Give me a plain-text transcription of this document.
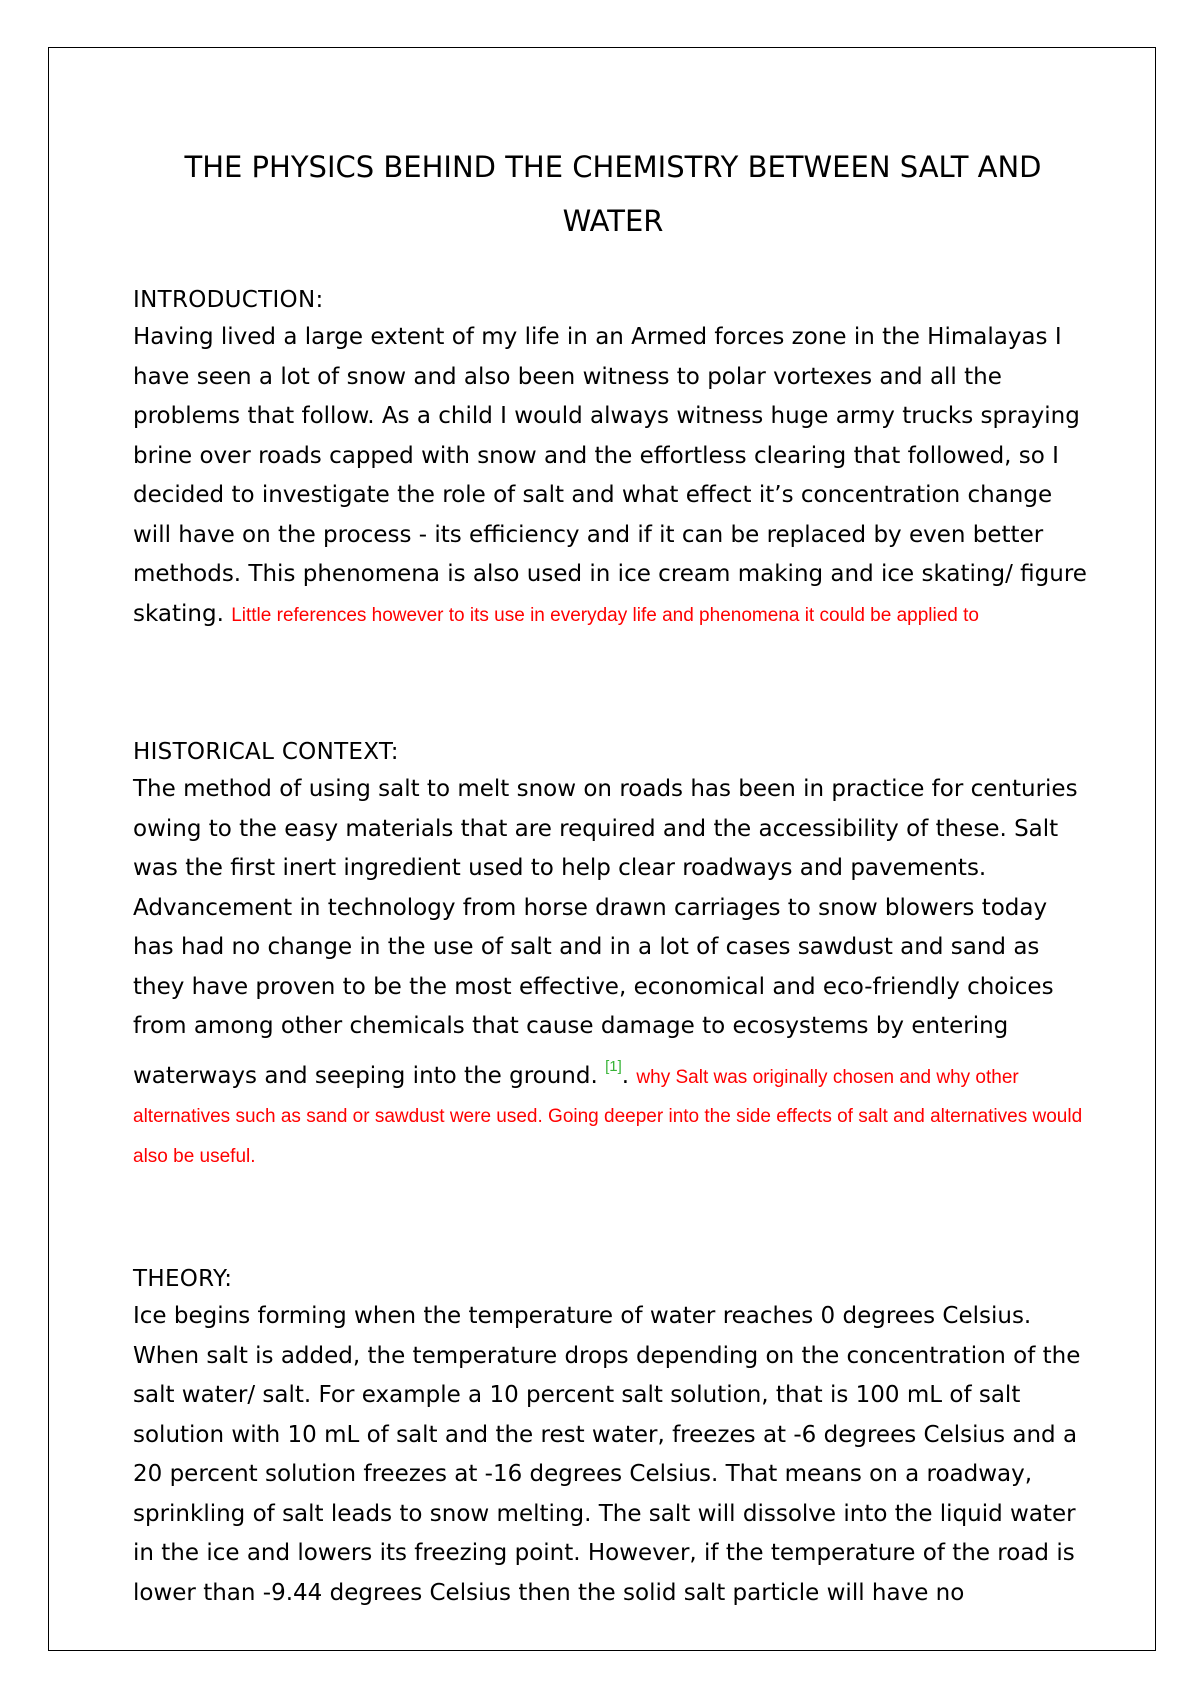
THE PHYSICS BEHIND THE CHEMISTRY BETWEEN SALT AND WATER
INTRODUCTION:

Having lived a large extent of my life in an Armed forces zone in the Himalayas I have seen a lot of snow and also been witness to polar vortexes and all the problems that follow. As a child I would always witness huge army trucks spraying brine over roads capped with snow and the effortless clearing that followed, so I decided to investigate the role of salt and what effect it’s concentration change will have on the process - its efficiency and if it can be replaced by even better methods. This phenomena is also used in ice cream making and ice skating/ figure skating. Little references however to its use in everyday life and phenomena it could be applied to

HISTORICAL CONTEXT:

The method of using salt to melt snow on roads has been in practice for centuries owing to the easy materials that are required and the accessibility of these. Salt was the first inert ingredient used to help clear roadways and pavements. Advancement in technology from horse drawn carriages to snow blowers today has had no change in the use of salt and in a lot of cases sawdust and sand as they have proven to be the most effective, economical and eco-friendly choices from among other chemicals that cause damage to ecosystems by entering waterways and seeping into the ground. [1]. why Salt was originally chosen and why other alternatives such as sand or sawdust were used. Going deeper into the side effects of salt and alternatives would also be useful.

THEORY:

Ice begins forming when the temperature of water reaches 0 degrees Celsius. When salt is added, the temperature drops depending on the concentration of the salt water/ salt. For example a 10 percent salt solution, that is 100 mL of salt solution with 10 mL of salt and the rest water, freezes at -6 degrees Celsius and a 20 percent solution freezes at -16 degrees Celsius. That means on a roadway, sprinkling of salt leads to snow melting. The salt will dissolve into the liquid water in the ice and lowers its freezing point. However, if the temperature of the road is lower than -9.44 degrees Celsius then the solid salt particle will have no
